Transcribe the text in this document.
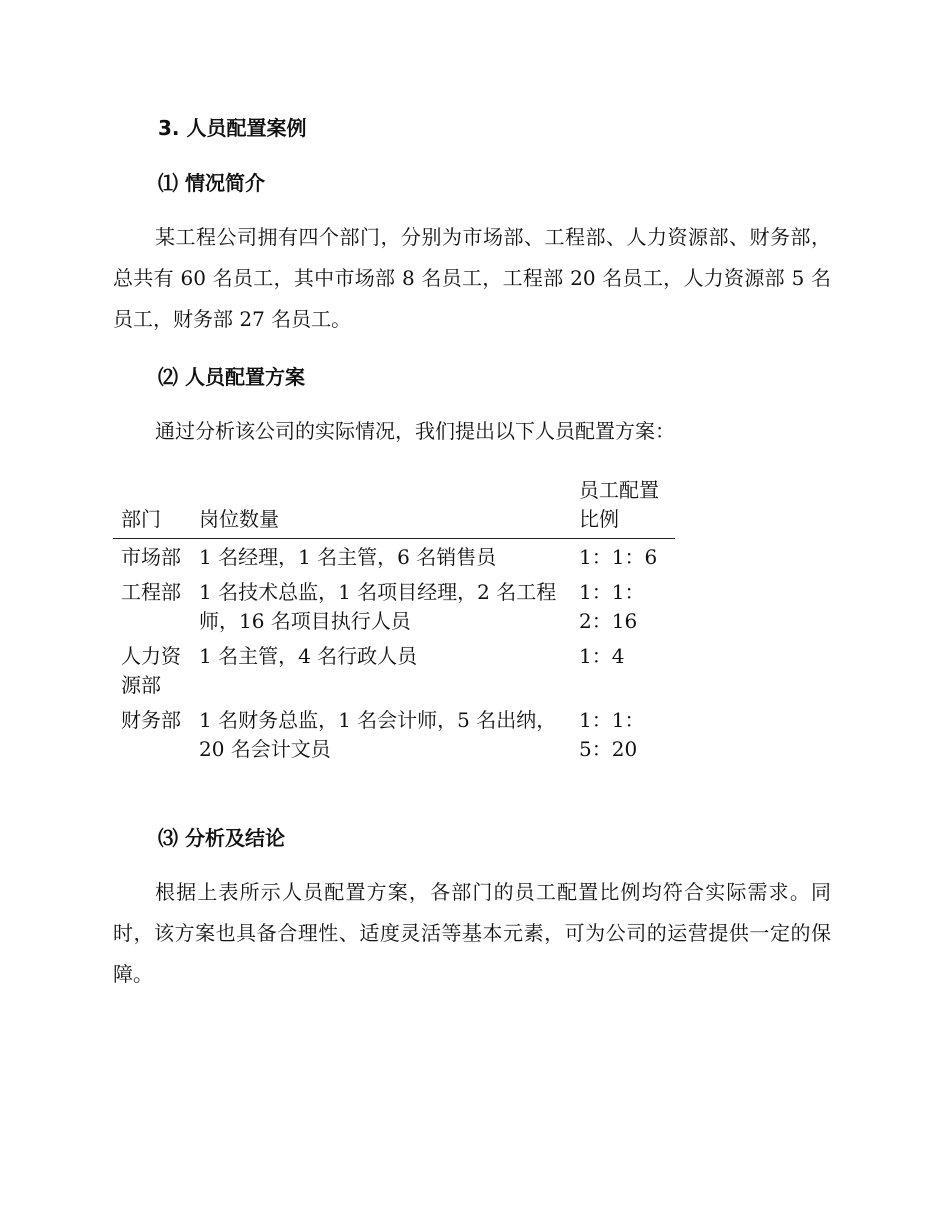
3. 人员配置案例
⑴ 情况简介

某工程公司拥有四个部门，分别为市场部、工程部、人力资源部、财务部，总共有 60 名员工，其中市场部 8 名员工，工程部 20 名员工，人力资源部 5 名员工，财务部 27 名员工。

⑵ 人员配置方案

通过分析该公司的实际情况，我们提出以下人员配置方案：

部门	岗位数量	员工配置比例
市场部	1 名经理，1 名主管，6 名销售员	1：1：6
工程部	1 名技术总监，1 名项目经理，2 名工程师，16 名项目执行人员	1：1：2：16
人力资源部	1 名主管，4 名行政人员	1：4
财务部	1 名财务总监，1 名会计师，5 名出纳，20 名会计文员	1：1：5：20
⑶ 分析及结论

根据上表所示人员配置方案，各部门的员工配置比例均符合实际需求。同时，该方案也具备合理性、适度灵活等基本元素，可为公司的运营提供一定的保障。
